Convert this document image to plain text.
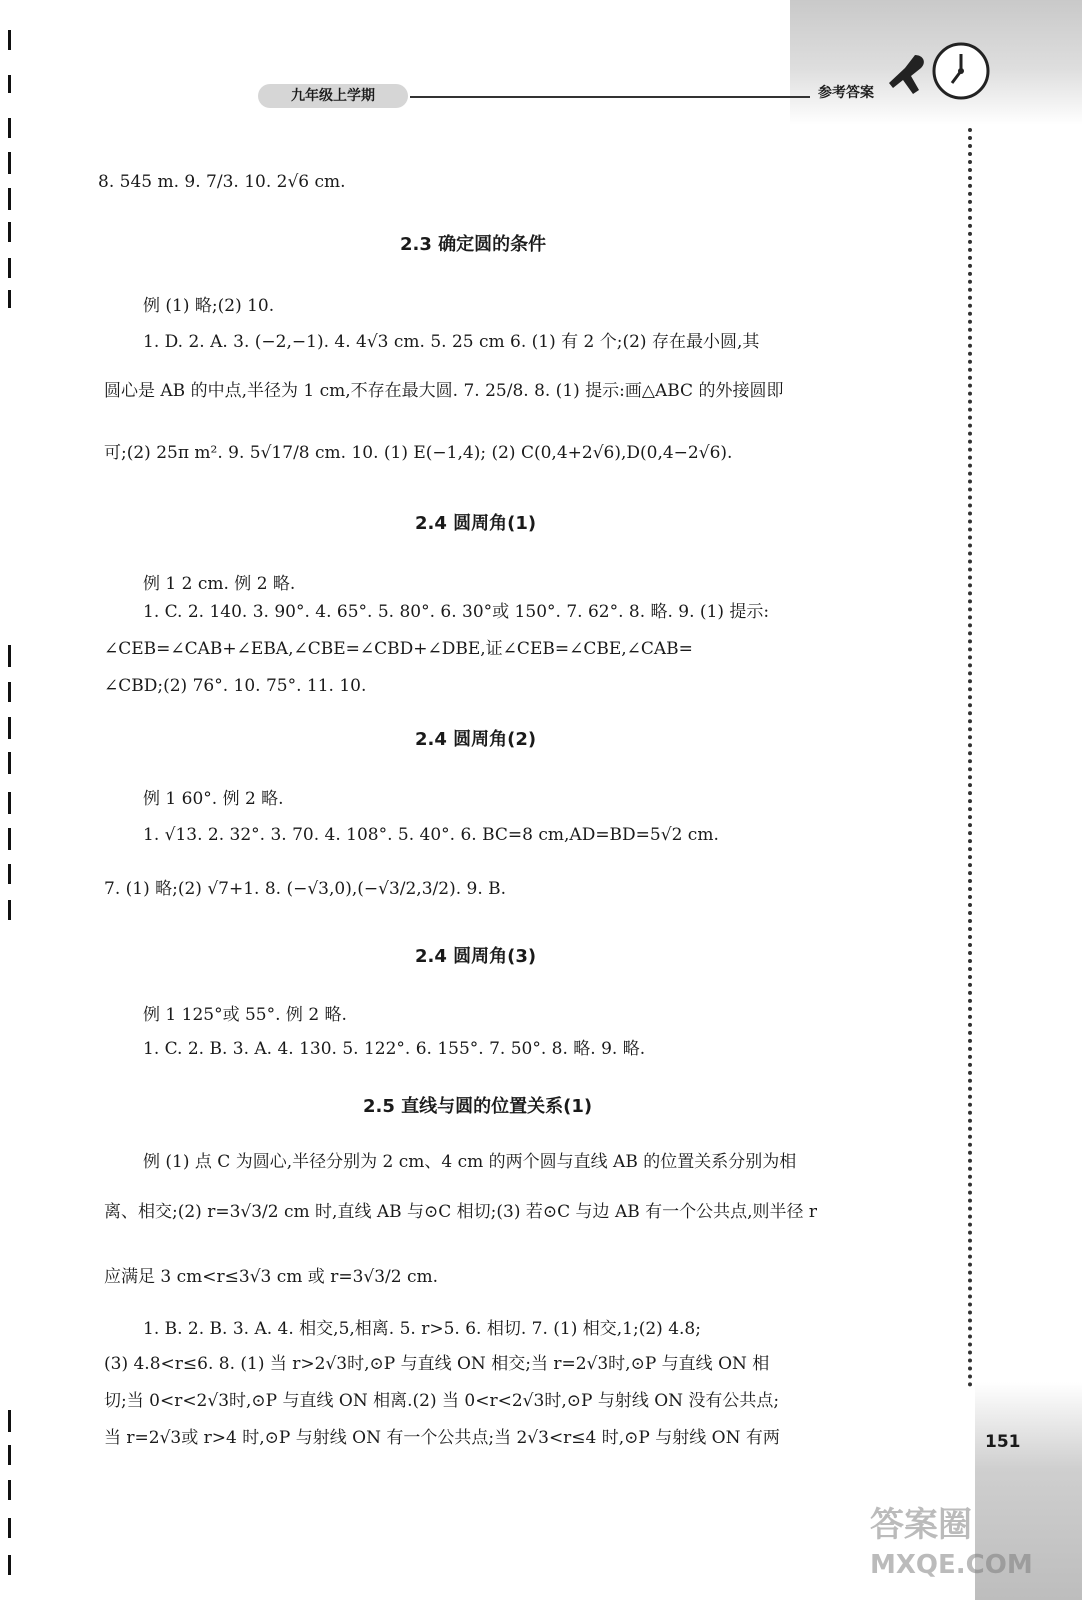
九年级上学期	参考答案
8. 545 m. 9. 7/3. 10. 2√6 cm.
2.3 确定圆的条件
例 (1) 略;(2) 10.
1. D. 2. A. 3. (−2,−1). 4. 4√3 cm. 5. 25 cm 6. (1) 有 2 个;(2) 存在最小圆,其
圆心是 AB 的中点,半径为 1 cm,不存在最大圆. 7. 25/8. 8. (1) 提示:画△ABC 的外接圆即
可;(2) 25π m². 9. 5√17/8 cm. 10. (1) E(−1,4); (2) C(0,4+2√6),D(0,4−2√6).
2.4 圆周角(1)
例 1 2 cm. 例 2 略.
1. C. 2. 140. 3. 90°. 4. 65°. 5. 80°. 6. 30°或 150°. 7. 62°. 8. 略. 9. (1) 提示:
∠CEB=∠CAB+∠EBA,∠CBE=∠CBD+∠DBE,证∠CEB=∠CBE,∠CAB=
∠CBD;(2) 76°. 10. 75°. 11. 10.
2.4 圆周角(2)
例 1 60°. 例 2 略.
1. √13. 2. 32°. 3. 70. 4. 108°. 5. 40°. 6. BC=8 cm,AD=BD=5√2 cm.
7. (1) 略;(2) √7+1. 8. (−√3,0),(−√3/2,3/2). 9. B.
2.4 圆周角(3)
例 1 125°或 55°. 例 2 略.
1. C. 2. B. 3. A. 4. 130. 5. 122°. 6. 155°. 7. 50°. 8. 略. 9. 略.
2.5 直线与圆的位置关系(1)
例 (1) 点 C 为圆心,半径分别为 2 cm、4 cm 的两个圆与直线 AB 的位置关系分别为相
离、相交;(2) r=3√3/2 cm 时,直线 AB 与⊙C 相切;(3) 若⊙C 与边 AB 有一个公共点,则半径 r
应满足 3 cm<r≤3√3 cm 或 r=3√3/2 cm.
1. B. 2. B. 3. A. 4. 相交,5,相离. 5. r>5. 6. 相切. 7. (1) 相交,1;(2) 4.8;
(3) 4.8<r≤6. 8. (1) 当 r>2√3时,⊙P 与直线 ON 相交;当 r=2√3时,⊙P 与直线 ON 相
切;当 0<r<2√3时,⊙P 与直线 ON 相离.(2) 当 0<r<2√3时,⊙P 与射线 ON 没有公共点;
当 r=2√3或 r>4 时,⊙P 与射线 ON 有一个公共点;当 2√3<r≤4 时,⊙P 与射线 ON 有两	151
答案圈
MXQE.COM
